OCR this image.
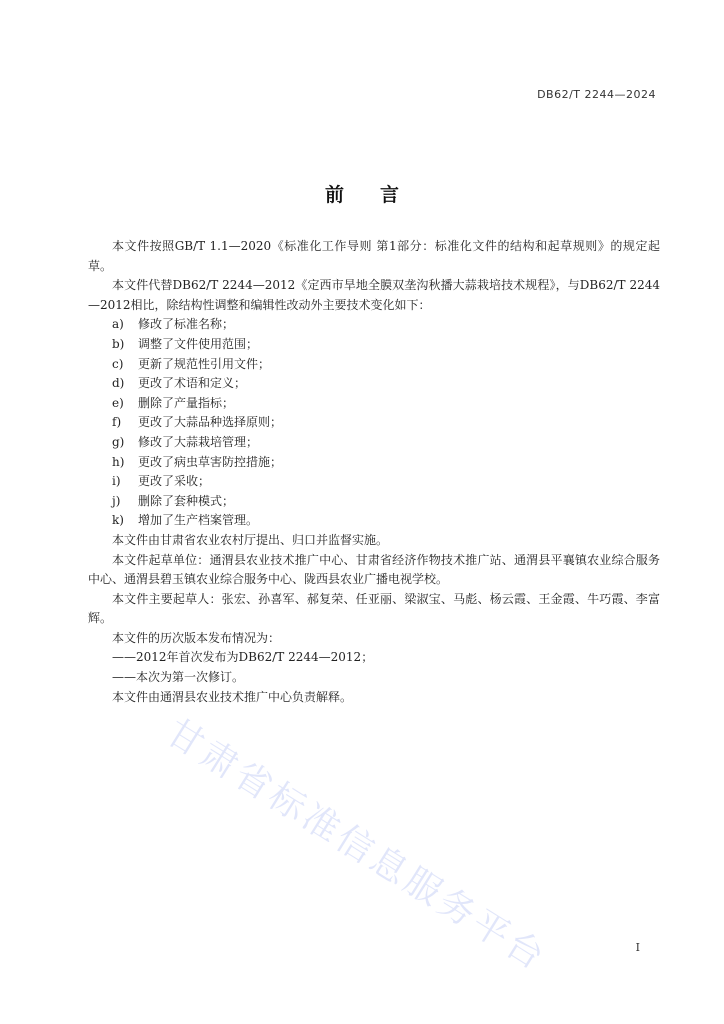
DB62/T 2244—2024
前言

本文件按照GB/T 1.1—2020《标准化工作导则 第1部分：标准化文件的结构和起草规则》的规定起草。

本文件代替DB62/T 2244—2012《定西市旱地全膜双垄沟秋播大蒜栽培技术规程》，与DB62/T 2244—2012相比，除结构性调整和编辑性改动外主要技术变化如下：

a)	修改了标准名称；
b)	调整了文件使用范围；
c)	更新了规范性引用文件；
d)	更改了术语和定义；
e)	删除了产量指标；
f)	更改了大蒜品种选择原则；
g)	修改了大蒜栽培管理；
h)	更改了病虫草害防控措施；
i)	更改了采收；
j)	删除了套种模式；
k)	增加了生产档案管理。

本文件由甘肃省农业农村厅提出、归口并监督实施。

本文件起草单位：通渭县农业技术推广中心、甘肃省经济作物技术推广站、通渭县平襄镇农业综合服务中心、通渭县碧玉镇农业综合服务中心、陇西县农业广播电视学校。

本文件主要起草人：张宏、孙喜军、郝复荣、任亚丽、梁淑宝、马彪、杨云霞、王金霞、牛巧霞、李富辉。

本文件的历次版本发布情况为：

——2012年首次发布为DB62/T 2244—2012；

——本次为第一次修订。

本文件由通渭县农业技术推广中心负责解释。

甘肃省标准信息服务平台	I
